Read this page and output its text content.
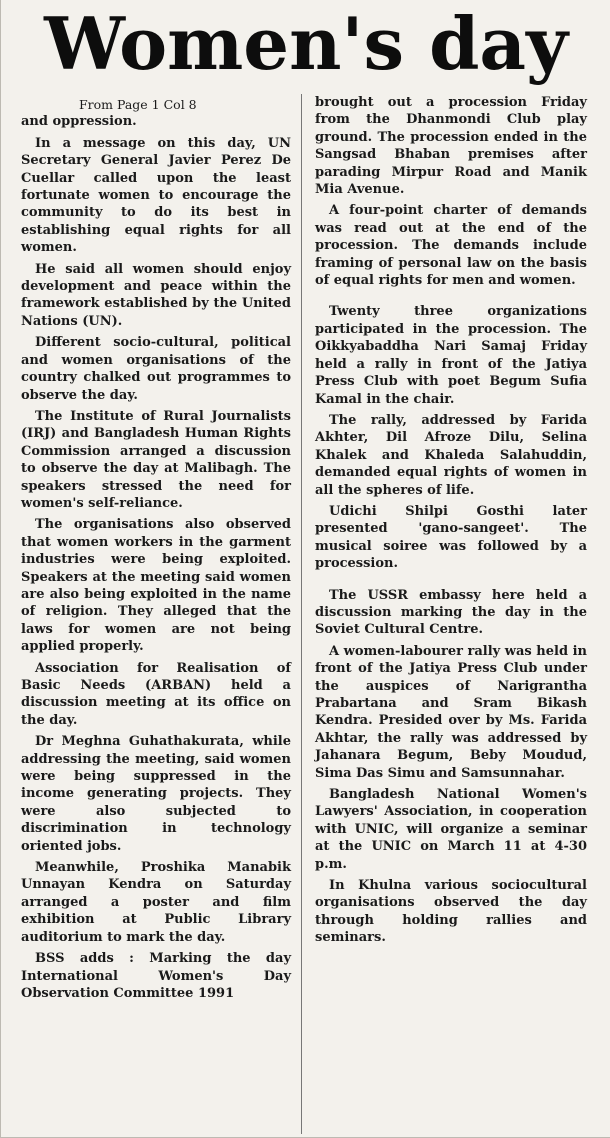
Women's day
From Page 1 Col 8

and oppression.

In a message on this day, UN Secretary General Javier Perez De Cuellar called upon the least fortunate women to encourage the community to do its best in establishing equal rights for all women.

He said all women should enjoy development and peace within the framework established by the United Nations (UN).

Different socio-cultural, political and women organisations of the country chalked out programmes to observe the day.

The Institute of Rural Journalists (IRJ) and Bangladesh Human Rights Commission arranged a discussion to observe the day at Malibagh. The speakers stressed the need for women's self-reliance.

The organisations also observed that women workers in the garment industries were being exploited. Speakers at the meeting said women are also being exploited in the name of religion. They alleged that the laws for women are not being applied properly.

Association for Realisation of Basic Needs (ARBAN) held a discussion meeting at its office on the day.

Dr Meghna Guhathakurata, while addressing the meeting, said women were being suppressed in the income generating projects. They were also subjected to discrimination in technology oriented jobs.

Meanwhile, Proshika Manabik Unnayan Kendra on Saturday arranged a poster and film exhibition at Public Library auditorium to mark the day.

BSS adds : Marking the day International Women's Day Observation Committee 1991

brought out a procession Friday from the Dhanmondi Club play ground. The procession ended in the Sangsad Bhaban premises after parading Mirpur Road and Manik Mia Avenue.

A four-point charter of demands was read out at the end of the procession. The demands include framing of personal law on the basis of equal rights for men and women.

Twenty three organizations participated in the procession. The Oikkyabaddha Nari Samaj Friday held a rally in front of the Jatiya Press Club with poet Begum Sufia Kamal in the chair.

The rally, addressed by Farida Akhter, Dil Afroze Dilu, Selina Khalek and Khaleda Salahuddin, demanded equal rights of women in all the spheres of life.

Udichi Shilpi Gosthi later presented 'gano-sangeet'. The musical soiree was followed by a procession.

The USSR embassy here held a discussion marking the day in the Soviet Cultural Centre.

A women-labourer rally was held in front of the Jatiya Press Club under the auspices of Narigrantha Prabartana and Sram Bikash Kendra. Presided over by Ms. Farida Akhtar, the rally was addressed by Jahanara Begum, Beby Moudud, Sima Das Simu and Samsunnahar.

Bangladesh National Women's Lawyers' Association, in cooperation with UNIC, will organize a seminar at the UNIC on March 11 at 4-30 p.m.

In Khulna various sociocultural organisations observed the day through holding rallies and seminars.
